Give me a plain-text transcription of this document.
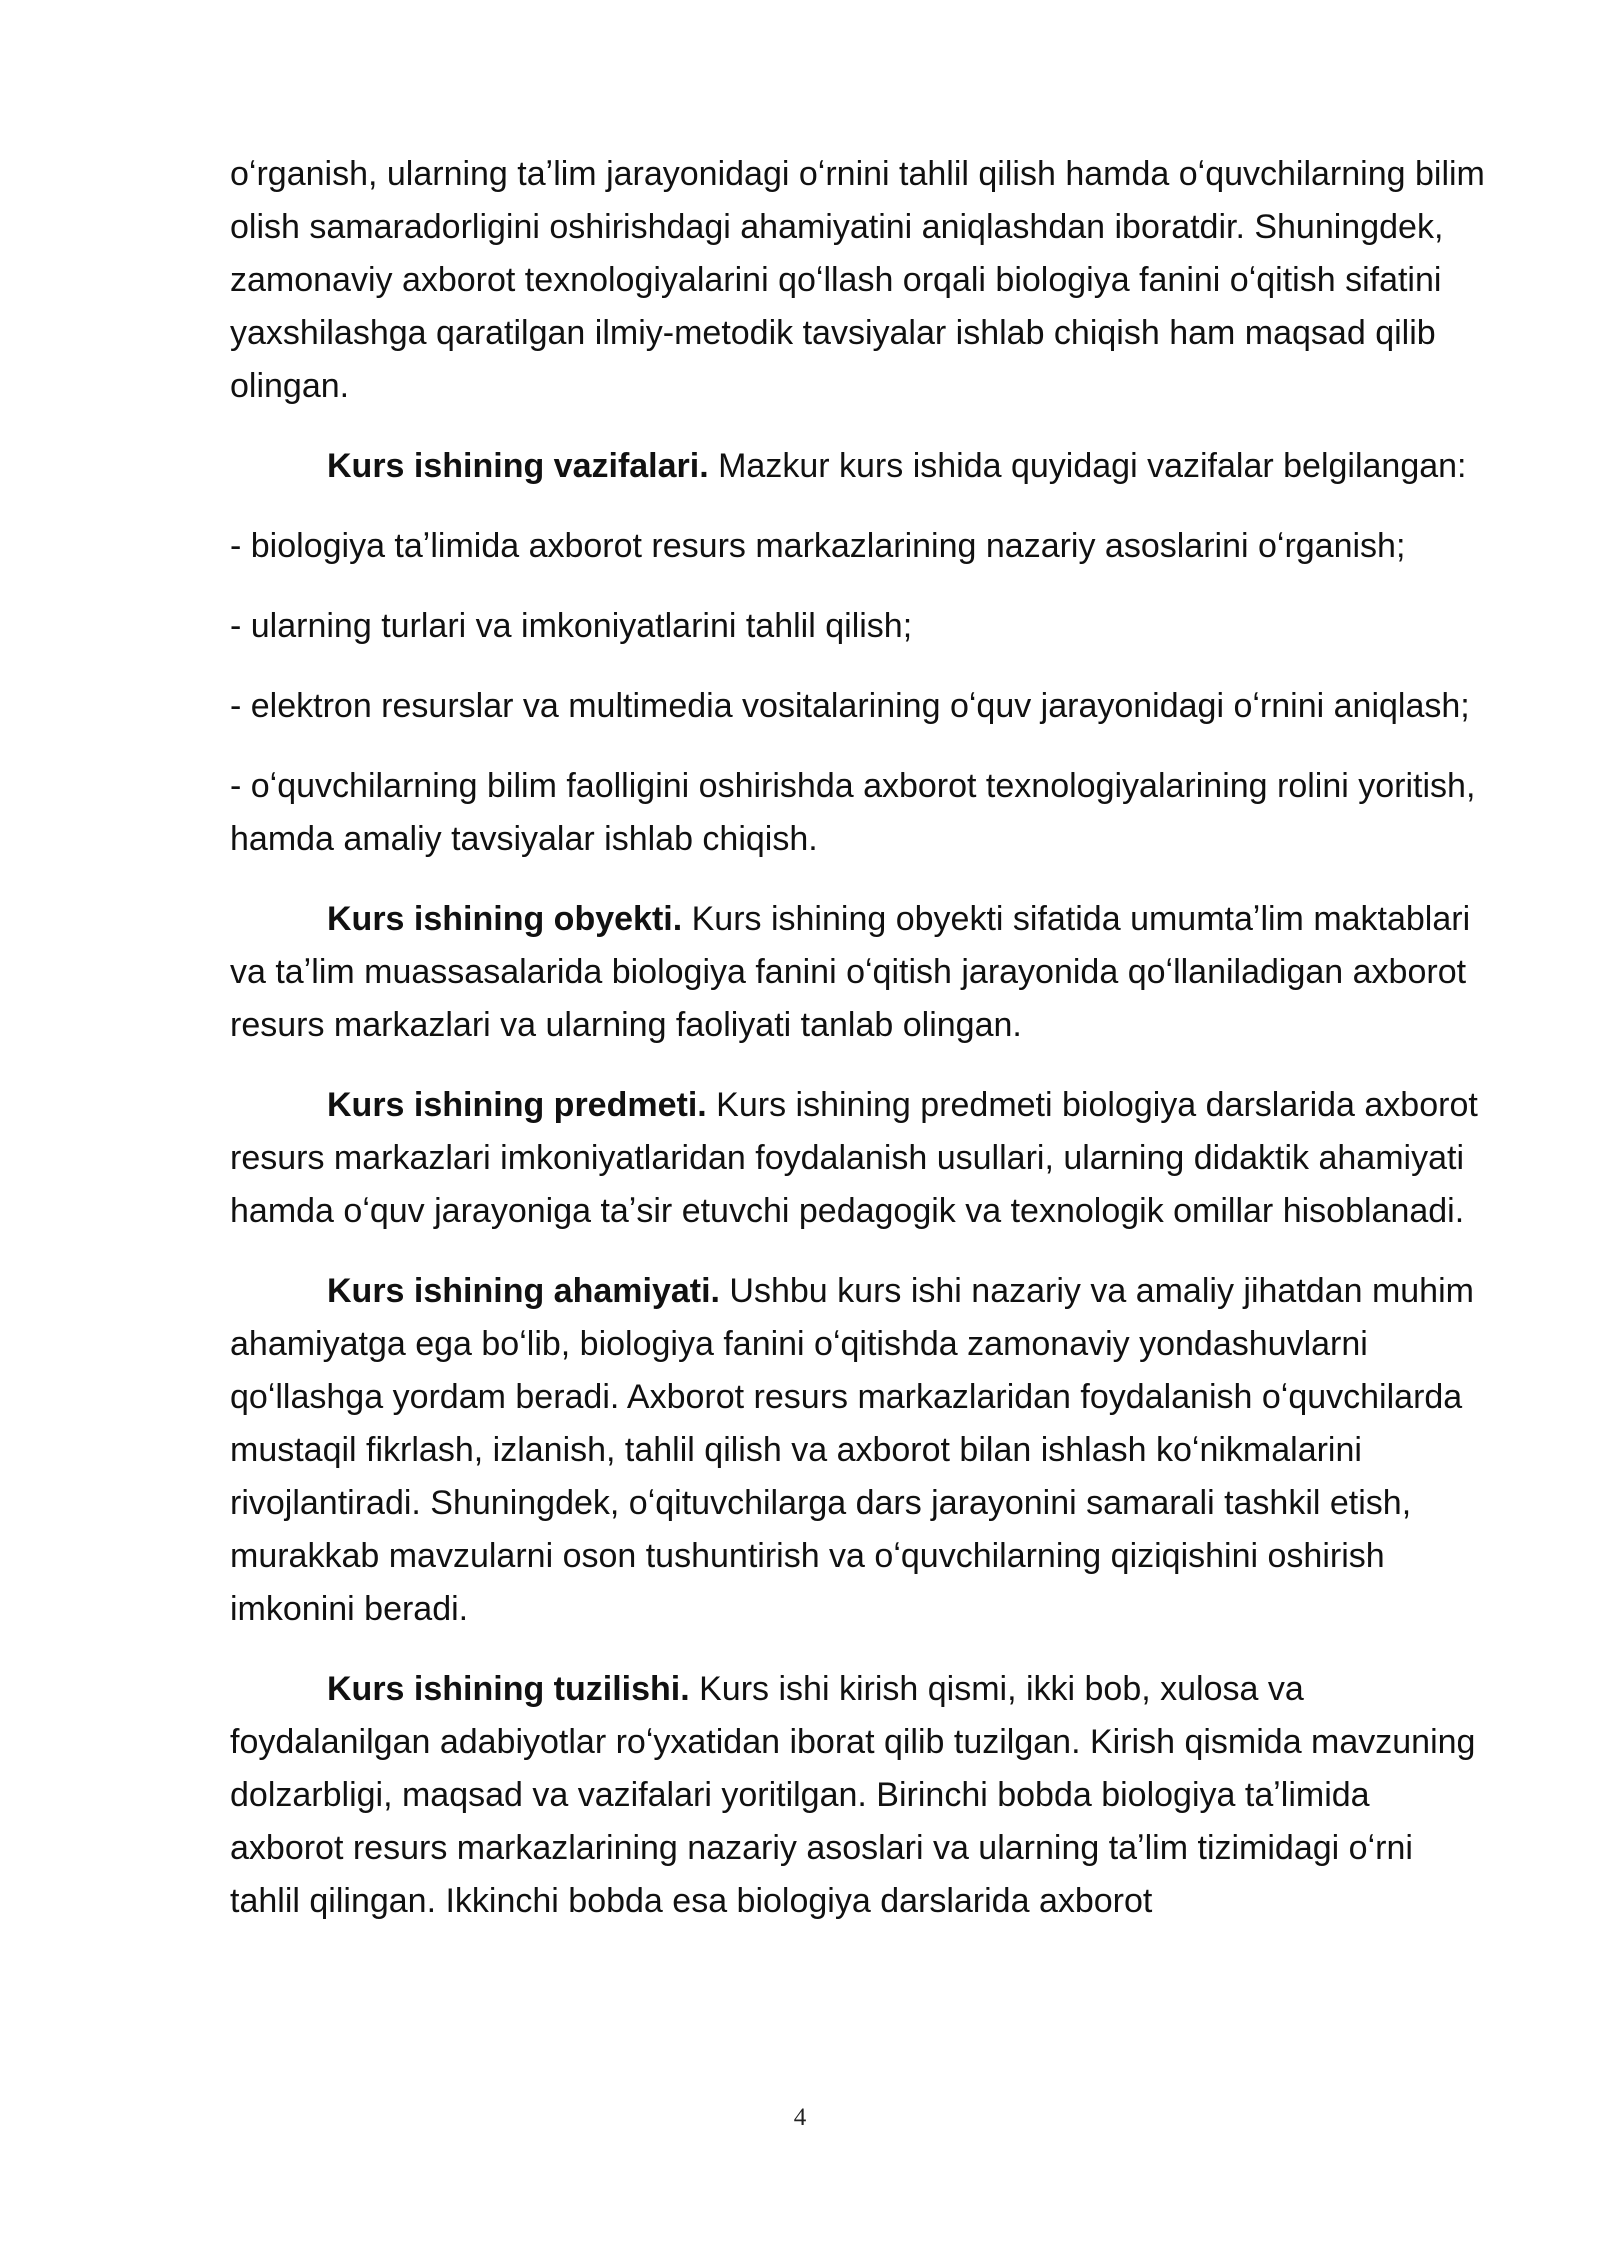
oʻrganish, ularning taʼlim jarayonidagi oʻrnini tahlil qilish hamda oʻquvchilarning bilim olish samaradorligini oshirishdagi ahamiyatini aniqlashdan iboratdir. Shuningdek, zamonaviy axborot texnologiyalarini qoʻllash orqali biologiya fanini oʻqitish sifatini yaxshilashga qaratilgan ilmiy-metodik tavsiyalar ishlab chiqish ham maqsad qilib olingan.

Kurs ishining vazifalari. Mazkur kurs ishida quyidagi vazifalar belgilangan:

- biologiya taʼlimida axborot resurs markazlarining nazariy asoslarini oʻrganish;

- ularning turlari va imkoniyatlarini tahlil qilish;

- elektron resurslar va multimedia vositalarining oʻquv jarayonidagi oʻrnini aniqlash;

- oʻquvchilarning bilim faolligini oshirishda axborot texnologiyalarining rolini yoritish, hamda amaliy tavsiyalar ishlab chiqish.

Kurs ishining obyekti. Kurs ishining obyekti sifatida umumtaʼlim maktablari va taʼlim muassasalarida biologiya fanini oʻqitish jarayonida qoʻllaniladigan axborot resurs markazlari va ularning faoliyati tanlab olingan.

Kurs ishining predmeti. Kurs ishining predmeti biologiya darslarida axborot resurs markazlari imkoniyatlaridan foydalanish usullari, ularning didaktik ahamiyati hamda oʻquv jarayoniga taʼsir etuvchi pedagogik va texnologik omillar hisoblanadi.

Kurs ishining ahamiyati. Ushbu kurs ishi nazariy va amaliy jihatdan muhim ahamiyatga ega boʻlib, biologiya fanini oʻqitishda zamonaviy yondashuvlarni qoʻllashga yordam beradi. Axborot resurs markazlaridan foydalanish oʻquvchilarda mustaqil fikrlash, izlanish, tahlil qilish va axborot bilan ishlash koʻnikmalarini rivojlantiradi. Shuningdek, oʻqituvchilarga dars jarayonini samarali tashkil etish, murakkab mavzularni oson tushuntirish va oʻquvchilarning qiziqishini oshirish imkonini beradi.

Kurs ishining tuzilishi. Kurs ishi kirish qismi, ikki bob, xulosa va foydalanilgan adabiyotlar roʻyxatidan iborat qilib tuzilgan. Kirish qismida mavzuning dolzarbligi, maqsad va vazifalari yoritilgan. Birinchi bobda biologiya taʼlimida axborot resurs markazlarining nazariy asoslari va ularning taʼlim tizimidagi oʻrni tahlil qilingan. Ikkinchi bobda esa biologiya darslarida axborot

4
